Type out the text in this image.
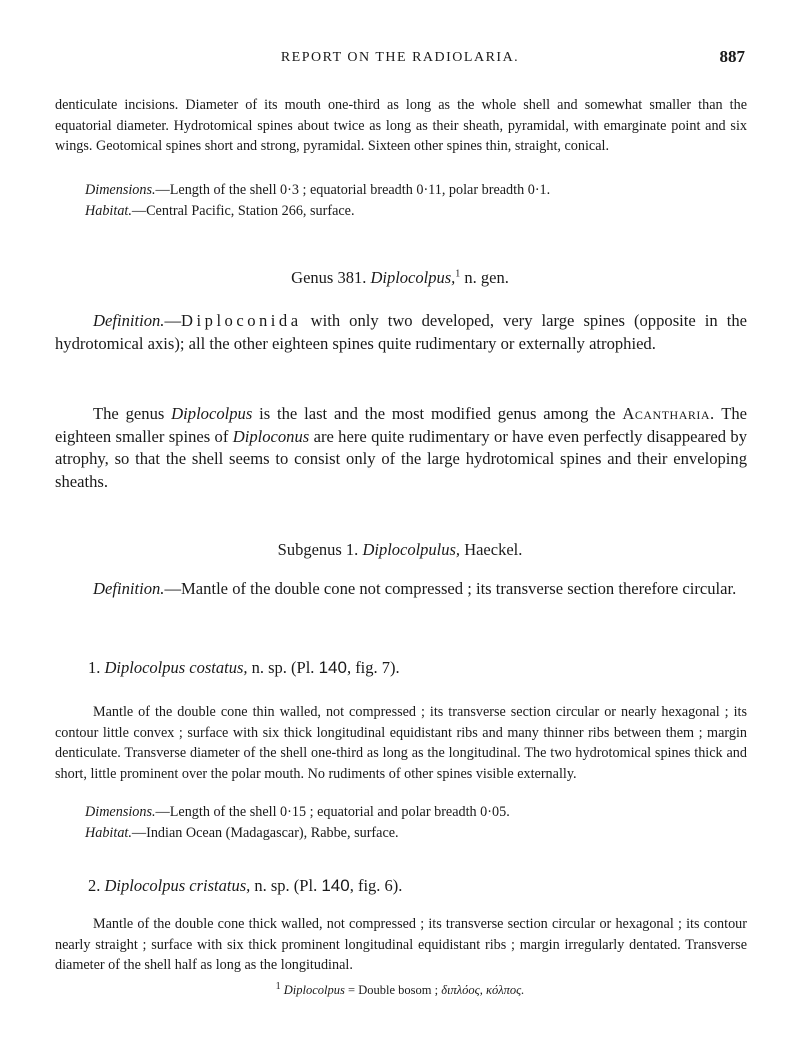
REPORT ON THE RADIOLARIA.	887

denticulate incisions. Diameter of its mouth one-third as long as the whole shell and somewhat smaller than the equatorial diameter. Hydrotomical spines about twice as long as their sheath, pyramidal, with emarginate point and six wings. Geotomical spines short and strong, pyramidal. Sixteen other spines thin, straight, conical.

Dimensions.—Length of the shell 0·3 ; equatorial breadth 0·11, polar breadth 0·1.

Habitat.—Central Pacific, Station 266, surface.

Genus 381. Diplocolpus,$^1$ n. gen.

Definition.—Diploconida with only two developed, very large spines (opposite in the hydrotomical axis); all the other eighteen spines quite rudimentary or externally atrophied.

The genus Diplocolpus is the last and the most modified genus among the Acantharia. The eighteen smaller spines of Diploconus are here quite rudimentary or have even perfectly disappeared by atrophy, so that the shell seems to consist only of the large hydrotomical spines and their enveloping sheaths.

Subgenus 1. Diplocolpulus, Haeckel.

Definition.—Mantle of the double cone not compressed ; its transverse section therefore circular.

1. Diplocolpus costatus, n. sp. (Pl. 140, fig. 7).

Mantle of the double cone thin walled, not compressed ; its transverse section circular or nearly hexagonal ; its contour little convex ; surface with six thick longitudinal equidistant ribs and many thinner ribs between them ; margin denticulate. Transverse diameter of the shell one-third as long as the longitudinal. The two hydrotomical spines thick and short, little prominent over the polar mouth. No rudiments of other spines visible externally.

Dimensions.—Length of the shell 0·15 ; equatorial and polar breadth 0·05.

Habitat.—Indian Ocean (Madagascar), Rabbe, surface.

2. Diplocolpus cristatus, n. sp. (Pl. 140, fig. 6).

Mantle of the double cone thick walled, not compressed ; its transverse section circular or hexagonal ; its contour nearly straight ; surface with six thick prominent longitudinal equidistant ribs ; margin irregularly dentated. Transverse diameter of the shell half as long as the longitudinal.

$^1$ Diplocolpus = Double bosom ; διπλόος, κόλπος.
